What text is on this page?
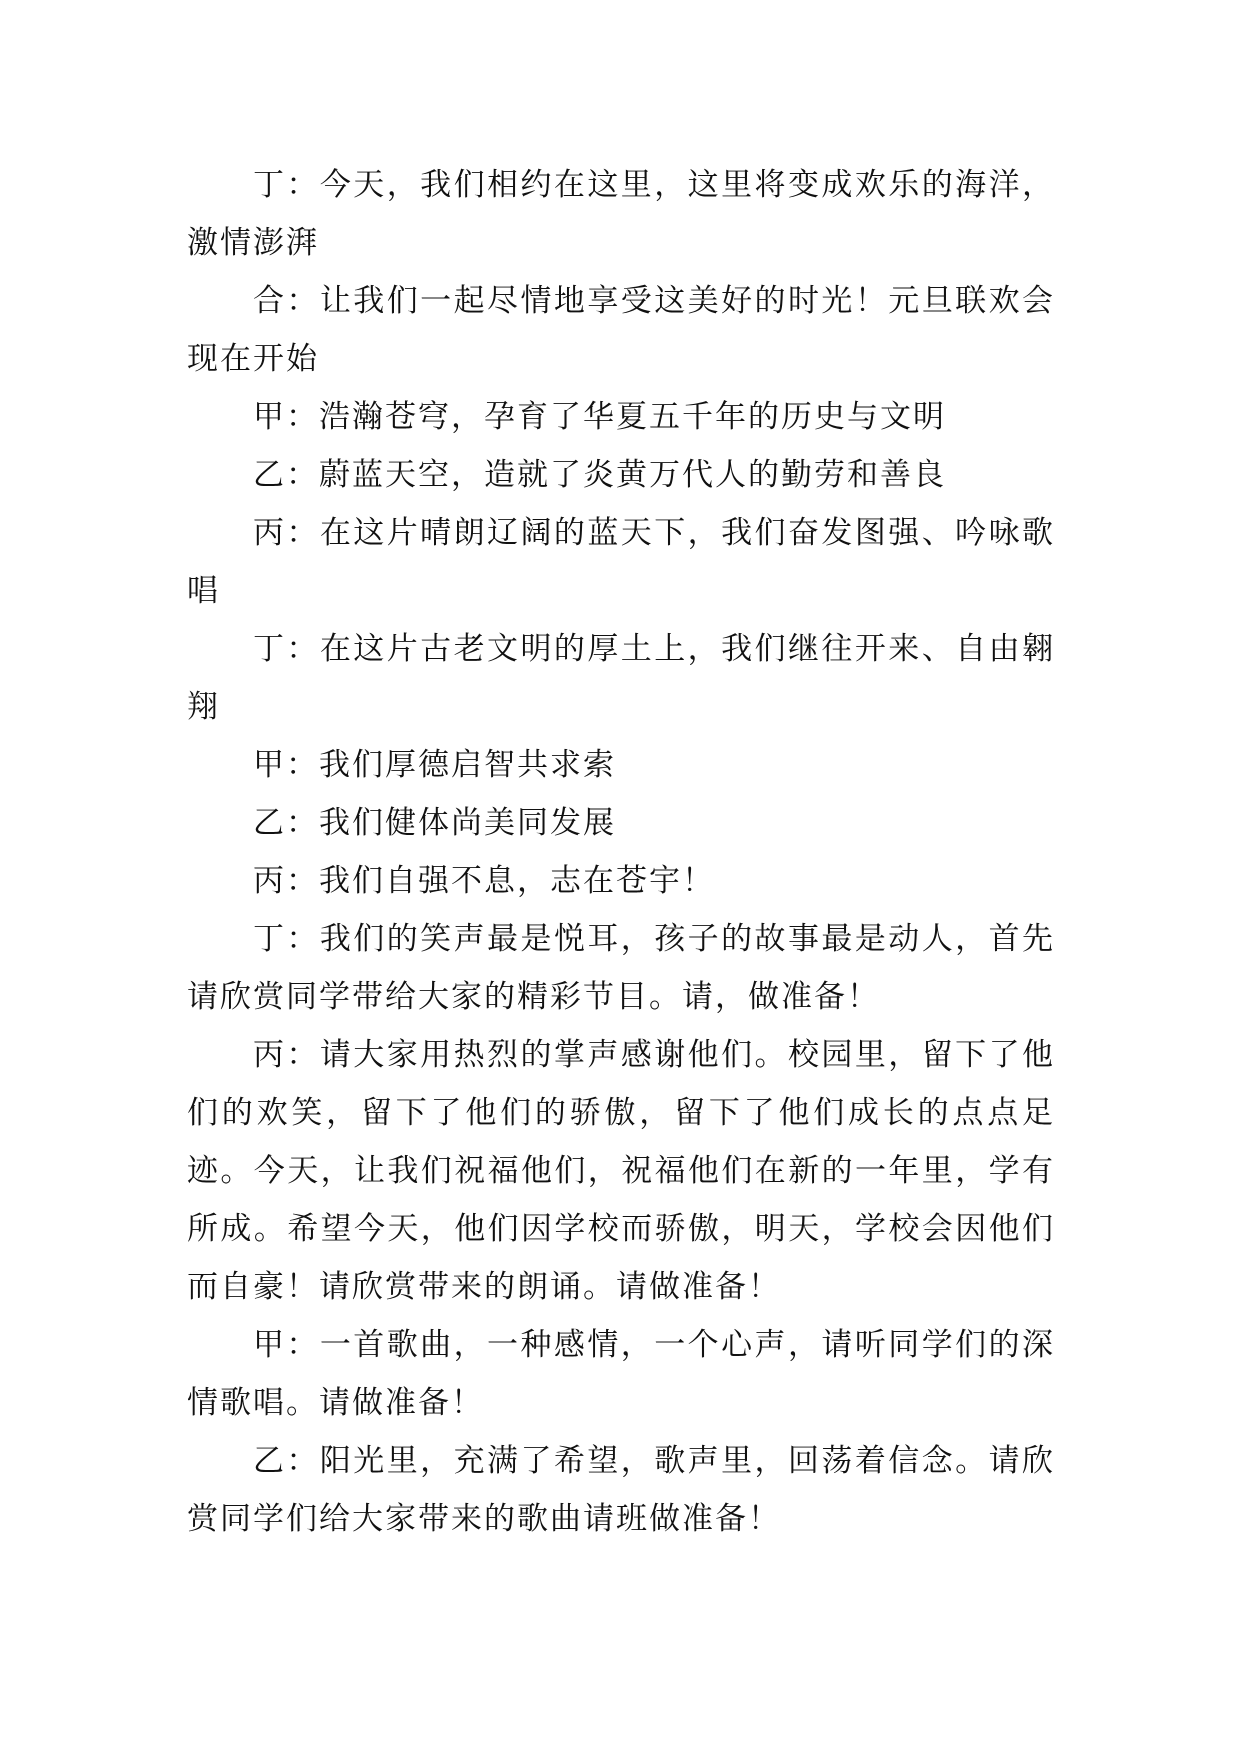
丁：今天，我们相约在这里，这里将变成欢乐的海洋，激情澎湃

合：让我们一起尽情地享受这美好的时光！元旦联欢会现在开始

甲：浩瀚苍穹，孕育了华夏五千年的历史与文明

乙：蔚蓝天空，造就了炎黄万代人的勤劳和善良

丙：在这片晴朗辽阔的蓝天下，我们奋发图强、吟咏歌唱

丁：在这片古老文明的厚土上，我们继往开来、自由翱翔

甲：我们厚德启智共求索

乙：我们健体尚美同发展

丙：我们自强不息，志在苍宇！

丁：我们的笑声最是悦耳，孩子的故事最是动人，首先请欣赏同学带给大家的精彩节目。请，做准备！

丙：请大家用热烈的掌声感谢他们。校园里，留下了他们的欢笑，留下了他们的骄傲，留下了他们成长的点点足迹。今天，让我们祝福他们，祝福他们在新的一年里，学有所成。希望今天，他们因学校而骄傲，明天，学校会因他们而自豪！请欣赏带来的朗诵。请做准备！

甲：一首歌曲，一种感情，一个心声，请听同学们的深情歌唱。请做准备！

乙：阳光里，充满了希望，歌声里，回荡着信念。请欣赏同学们给大家带来的歌曲请班做准备！
